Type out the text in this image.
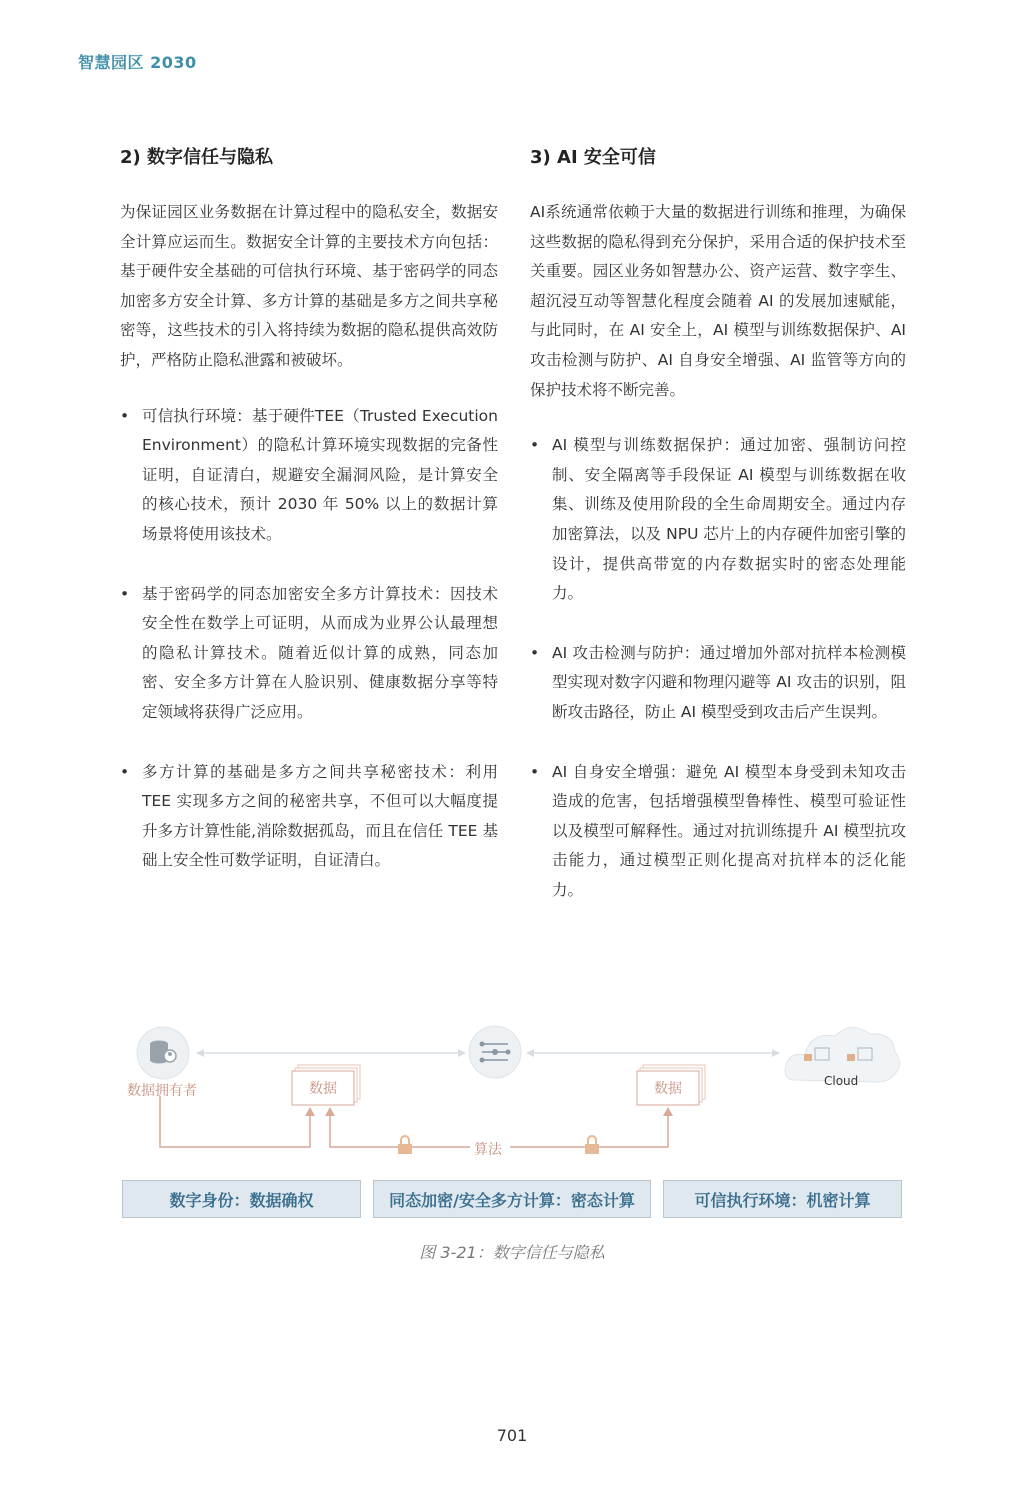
智慧园区 2030
2) 数字信任与隐私

为保证园区业务数据在计算过程中的隐私安全，数据安全计算应运而生。数据安全计算的主要技术方向包括：基于硬件安全基础的可信执行环境、基于密码学的同态加密多方安全计算、多方计算的基础是多方之间共享秘密等，这些技术的引入将持续为数据的隐私提供高效防护，严格防止隐私泄露和被破坏。

• 可信执行环境：基于硬件TEE（Trusted Execution Environment）的隐私计算环境实现数据的完备性证明，自证清白，规避安全漏洞风险，是计算安全的核心技术，预计 2030 年 50% 以上的数据计算场景将使用该技术。
• 基于密码学的同态加密安全多方计算技术：因技术安全性在数学上可证明，从而成为业界公认最理想的隐私计算技术。随着近似计算的成熟，同态加密、安全多方计算在人脸识别、健康数据分享等特定领域将获得广泛应用。
• 多方计算的基础是多方之间共享秘密技术：利用 TEE 实现多方之间的秘密共享，不但可以大幅度提升多方计算性能,消除数据孤岛，而且在信任 TEE 基础上安全性可数学证明，自证清白。
3) AI 安全可信

AI系统通常依赖于大量的数据进行训练和推理，为确保这些数据的隐私得到充分保护，采用合适的保护技术至关重要。园区业务如智慧办公、资产运营、数字孪生、超沉浸互动等智慧化程度会随着 AI 的发展加速赋能，与此同时，在 AI 安全上，AI 模型与训练数据保护、AI 攻击检测与防护、AI 自身安全增强、AI 监管等方向的保护技术将不断完善。

• AI 模型与训练数据保护：通过加密、强制访问控制、安全隔离等手段保证 AI 模型与训练数据在收集、训练及使用阶段的全生命周期安全。通过内存加密算法，以及 NPU 芯片上的内存硬件加密引擎的设计，提供高带宽的内存数据实时的密态处理能力。
• AI 攻击检测与防护：通过增加外部对抗样本检测模型实现对数字闪避和物理闪避等 AI 攻击的识别，阻断攻击路径，防止 AI 模型受到攻击后产生误判。
• AI 自身安全增强：避免 AI 模型本身受到未知攻击造成的危害，包括增强模型鲁棒性、模型可验证性以及模型可解释性。通过对抗训练提升 AI 模型抗攻击能力，通过模型正则化提高对抗样本的泛化能力。
数据拥有者	数据	数据
算法
Cloud
数字身份：数据确权	同态加密/安全多方计算：密态计算	可信执行环境：机密计算
图 3-21：数字信任与隐私
701
